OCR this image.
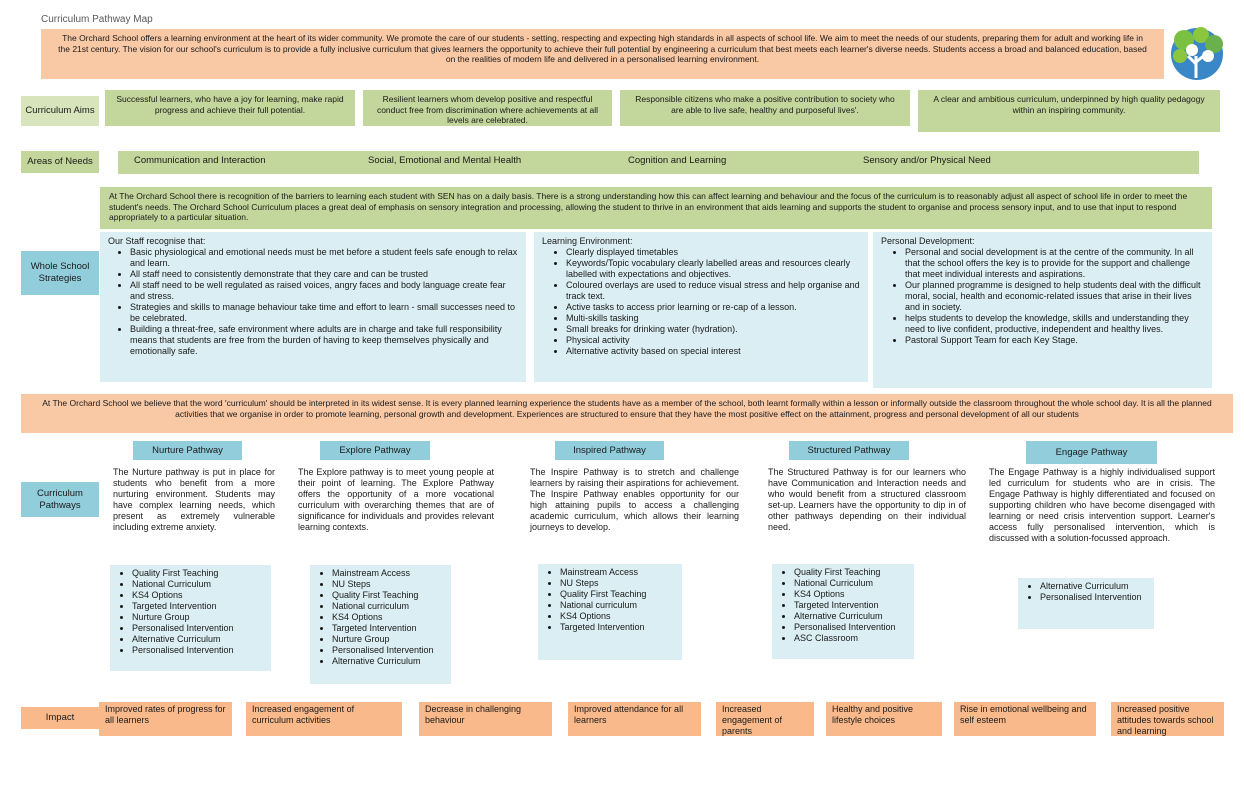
Curriculum Pathway Map
The Orchard School offers a learning environment at the heart of its wider community. We promote the care of our students - setting, respecting and expecting high standards in all aspects of school life. We aim to meet the needs of our students, preparing them for adult and working life in the 21st century. The vision for our school's curriculum is to provide a fully inclusive curriculum that gives learners the opportunity to achieve their full potential by engineering a curriculum that best meets each learner's diverse needs. Students access a broad and balanced education, based on the realities of modern life and delivered in a personalised learning environment.
Curriculum Aims
Successful learners, who have a joy for learning, make rapid progress and achieve their full potential.
Resilient learners whom develop positive and respectful conduct free from discrimination where achievements at all levels are celebrated.
Responsible citizens who make a positive contribution to society who are able to live safe, healthy and purposeful lives'.
A clear and ambitious curriculum, underpinned by high quality pedagogy within an inspiring community.
Areas of Needs	Communication and Interaction	Social, Emotional and Mental Health	Cognition and Learning	Sensory and/or Physical Need
At The Orchard School there is recognition of the barriers to learning each student with SEN has on a daily basis. There is a strong understanding how this can affect learning and behaviour and the focus of the curriculum is to reasonably adjust all aspect of school life in order to meet the student's needs. The Orchard School Curriculum places a great deal of emphasis on sensory integration and processing, allowing the student to thrive in an environment that aids learning and supports the student to organise and process sensory input, and to use that input to respond appropriately to a particular situation.
Whole School Strategies
Our Staff recognise that:
• Basic physiological and emotional needs must be met before a student feels safe enough to relax and learn.
• All staff need to consistently demonstrate that they care and can be trusted
• All staff need to be well regulated as raised voices, angry faces and body language create fear and stress.
• Strategies and skills to manage behaviour take time and effort to learn - small successes need to be celebrated.
• Building a threat-free, safe environment where adults are in charge and take full responsibility means that students are free from the burden of having to keep themselves physically and emotionally safe.
Learning Environment:
• Clearly displayed timetables
• Keywords/Topic vocabulary clearly labelled areas and resources clearly labelled with expectations and objectives.
• Coloured overlays are used to reduce visual stress and help organise and track text.
• Active tasks to access prior learning or re-cap of a lesson.
• Multi-skills tasking
• Small breaks for drinking water (hydration).
• Physical activity
• Alternative activity based on special interest
Personal Development:
• Personal and social development is at the centre of the community. In all that the school offers the key is to provide for the support and challenge that meet individual interests and aspirations.
• Our planned programme is designed to help students deal with the difficult moral, social, health and economic-related issues that arise in their lives and in society.
• helps students to develop the knowledge, skills and understanding they need to live confident, productive, independent and healthy lives.
• Pastoral Support Team for each Key Stage.
At The Orchard School we believe that the word 'curriculum' should be interpreted in its widest sense. It is every planned learning experience the students have as a member of the school, both learnt formally within a lesson or informally outside the classroom throughout the whole school day. It is all the planned activities that we organise in order to promote learning, personal growth and development. Experiences are structured to ensure that they have the most positive effect on the attainment, progress and personal development of all our students
Curriculum Pathways
Nurture Pathway	Explore Pathway	Inspired Pathway	Structured Pathway	Engage Pathway
The Nurture pathway is put in place for students who benefit from a more nurturing environment. Students may have complex learning needs, which present as extremely vulnerable including extreme anxiety.
The Explore pathway is to meet young people at their point of learning. The Explore Pathway offers the opportunity of a more vocational curriculum with overarching themes that are of significance for individuals and provides relevant learning contexts.
The Inspire Pathway is to stretch and challenge learners by raising their aspirations for achievement. The Inspire Pathway enables opportunity for our high attaining pupils to access a challenging academic curriculum, which allows their learning journeys to develop.
The Structured Pathway is for our learners who have Communication and Interaction needs and who would benefit from a structured classroom set-up. Learners have the opportunity to dip in of other pathways depending on their individual need.
The Engage Pathway is a highly individualised support led curriculum for students who are in crisis. The Engage Pathway is highly differentiated and focused on supporting children who have become disengaged with learning or need crisis intervention support. Learner's access fully personalised intervention, which is discussed with a solution-focussed approach.
• Quality First Teaching
• National Curriculum
• KS4 Options
• Targeted Intervention
• Nurture Group
• Personalised Intervention
• Alternative Curriculum
• Personalised Intervention
• Mainstream Access
• NU Steps
• Quality First Teaching
• National curriculum
• KS4 Options
• Targeted Intervention
• Nurture Group
• Personalised Intervention
• Alternative Curriculum
• Mainstream Access
• NU Steps
• Quality First Teaching
• National curriculum
• KS4 Options
• Targeted Intervention
• Quality First Teaching
• National Curriculum
• KS4 Options
• Targeted Intervention
• Alternative Curriculum
• Personalised Intervention
• ASC Classroom
• Alternative Curriculum
• Personalised Intervention
Impact
Improved rates of progress for all learners
Increased engagement of curriculum activities
Decrease in challenging behaviour
Improved attendance for all learners
Increased engagement of parents
Healthy and positive lifestyle choices
Rise in emotional wellbeing and self esteem
Increased positive attitudes towards school and learning
